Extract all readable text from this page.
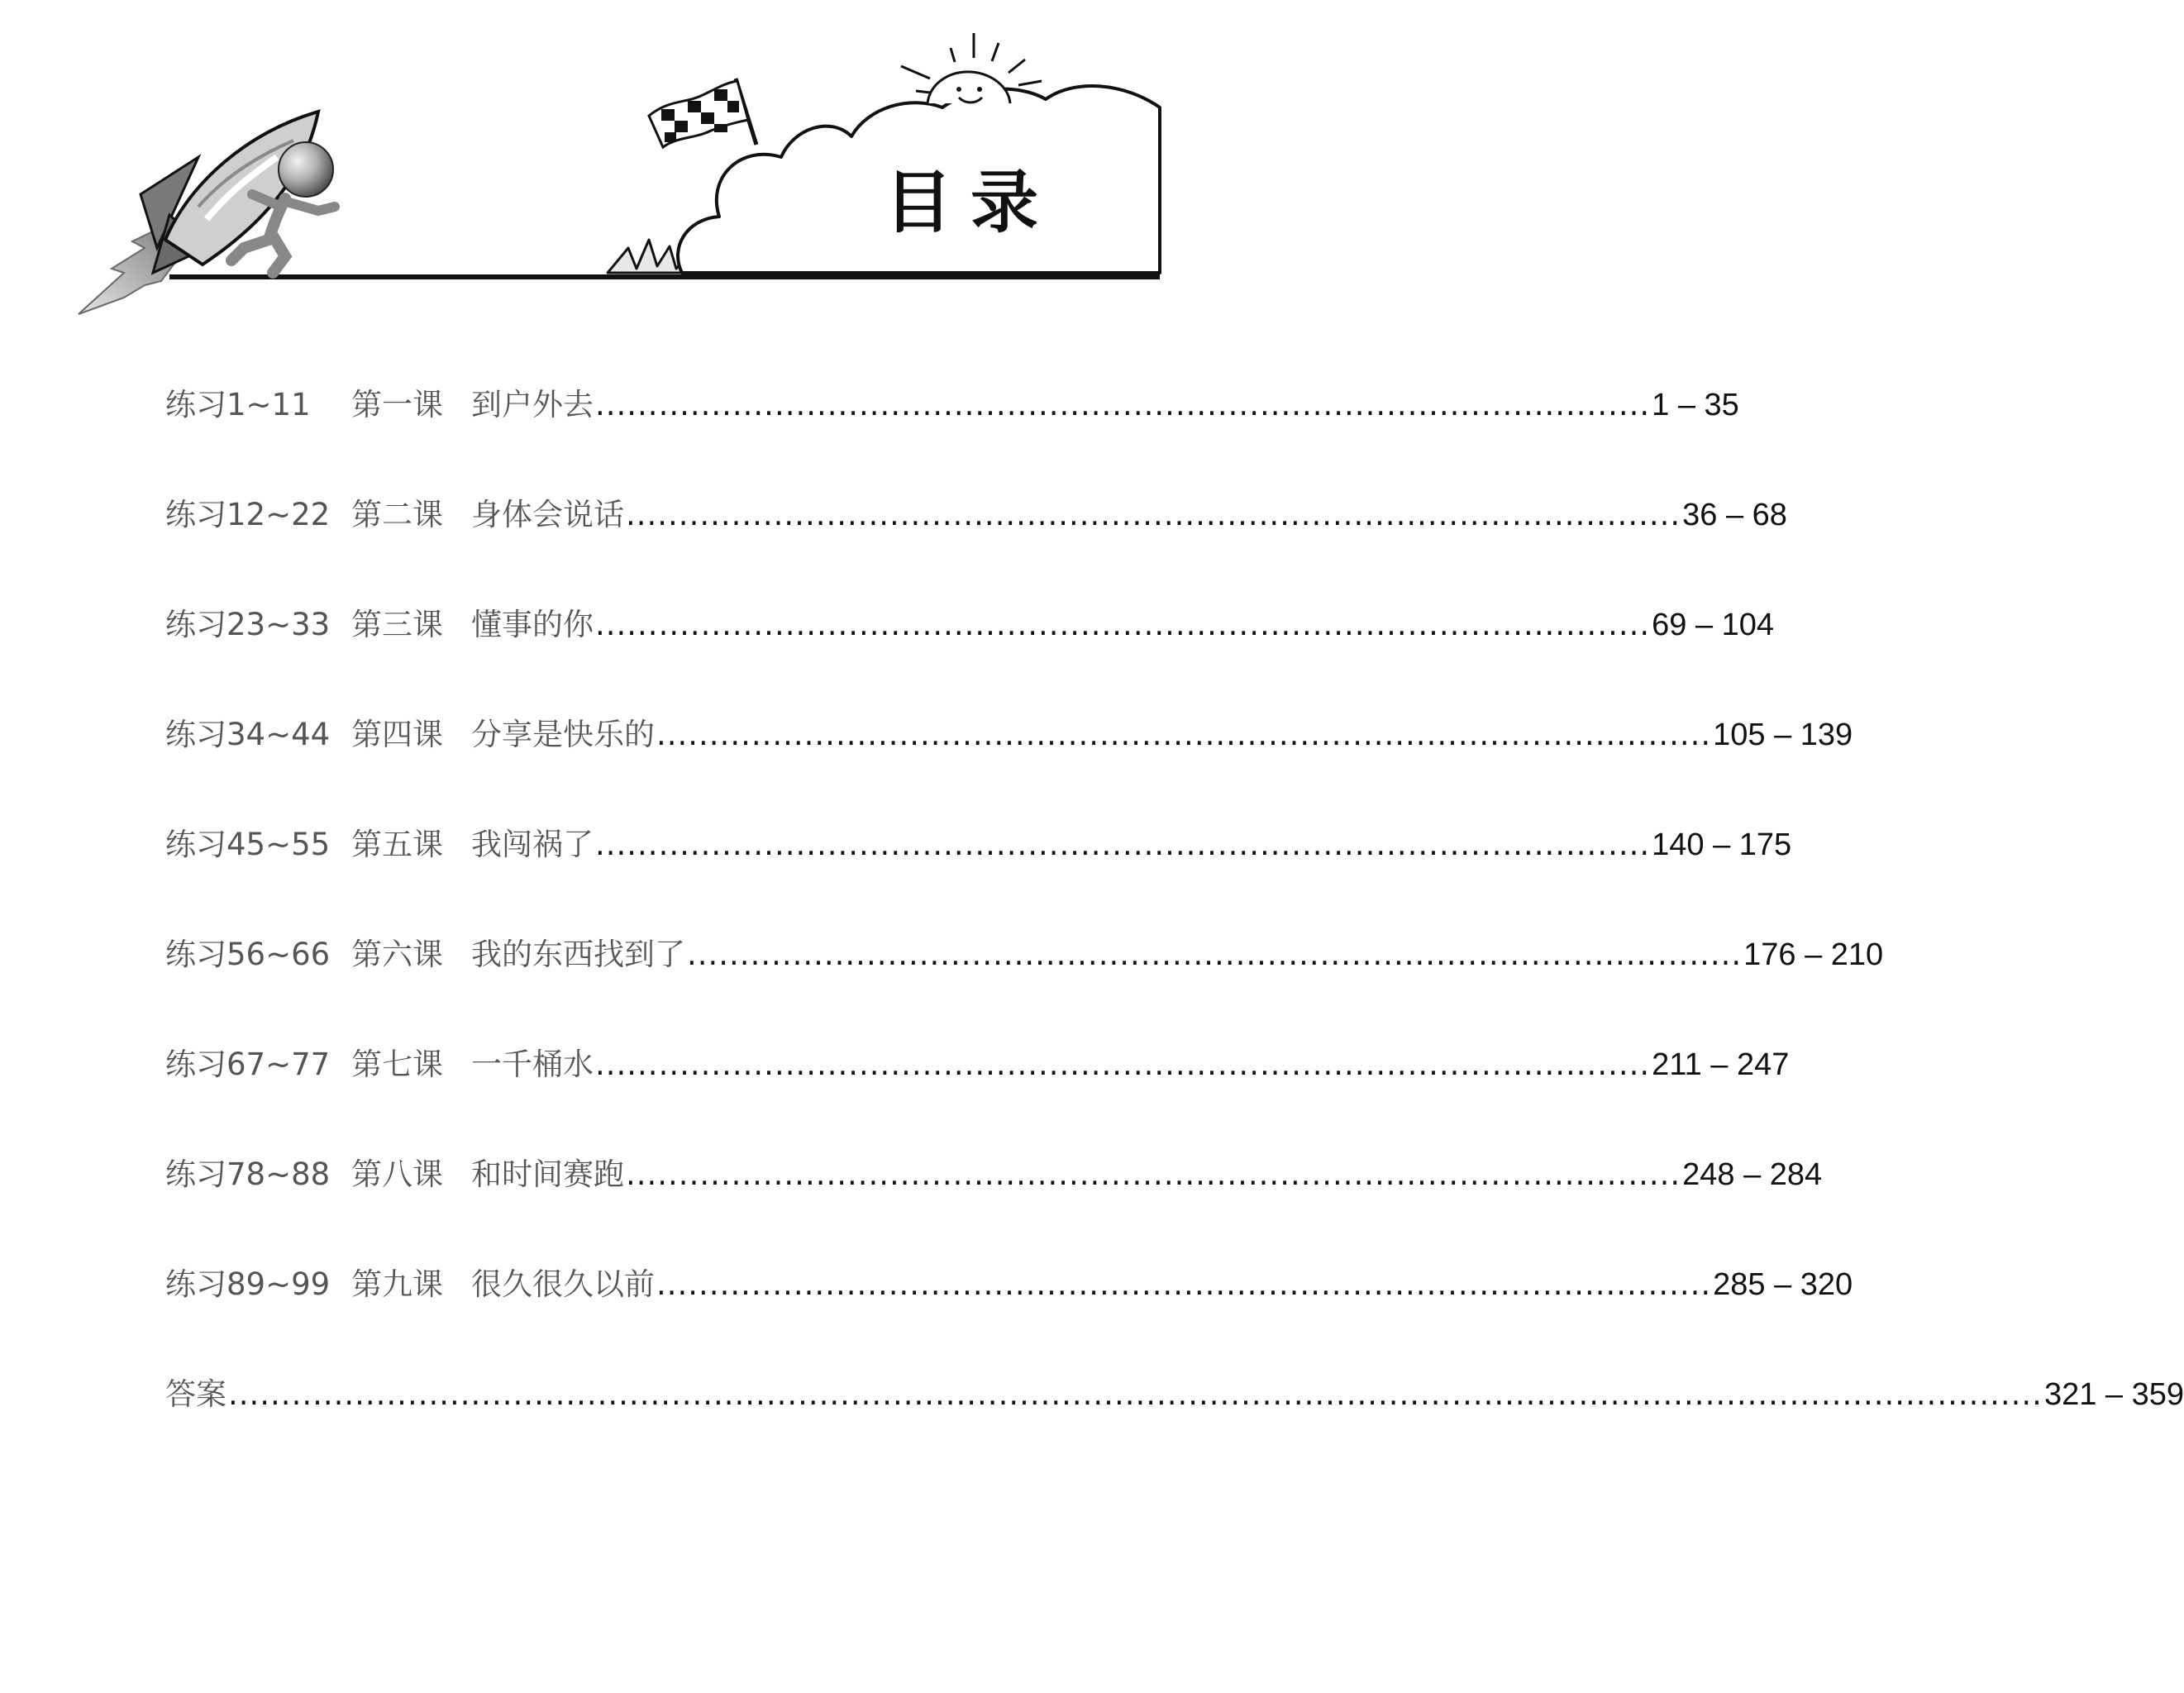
目录
练习1~11 第一课 到户外去 .................................................................................................... 1 – 35
练习12~22 第二课 身体会说话 .................................................................................................... 36 – 68
练习23~33 第三课 懂事的你 .................................................................................................... 69 – 104
练习34~44 第四课 分享是快乐的 .................................................................................................... 105 – 139
练习45~55 第五课 我闯祸了 .................................................................................................... 140 – 175
练习56~66 第六课 我的东西找到了 .................................................................................................... 176 – 210
练习67~77 第七课 一千桶水 .................................................................................................... 211 – 247
练习78~88 第八课 和时间赛跑 .................................................................................................... 248 – 284
练习89~99 第九课 很久很久以前 .................................................................................................... 285 – 320
答案 ............................................................................................................................................................................ 321 – 359
